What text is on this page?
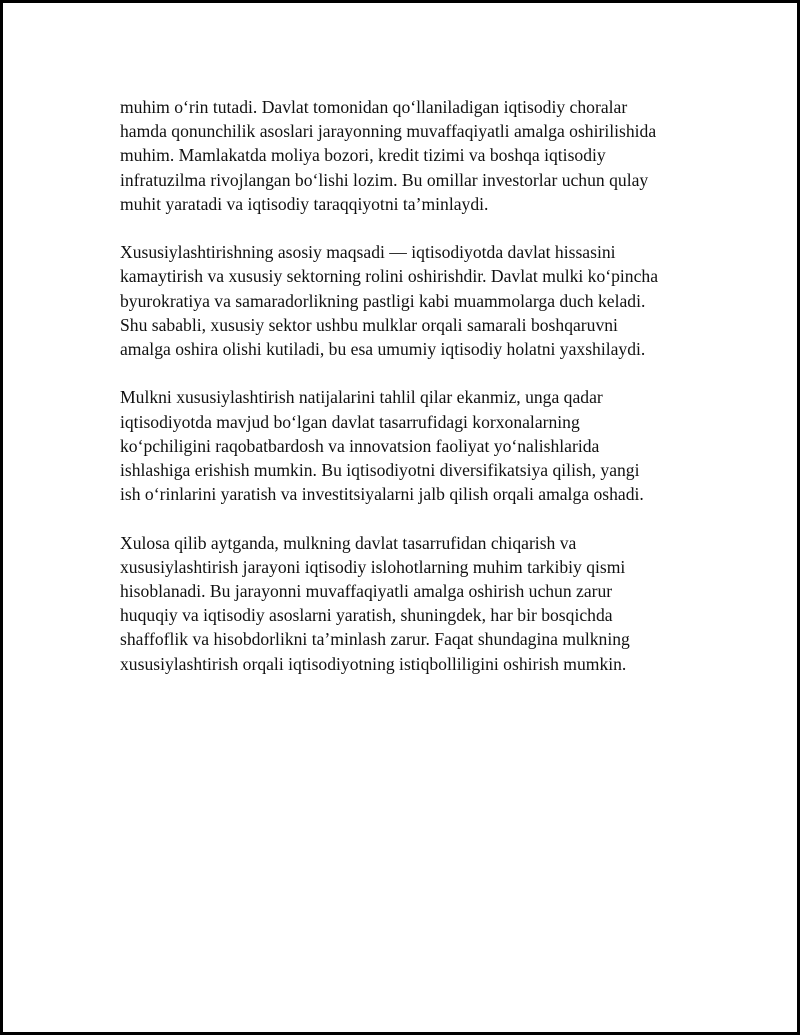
muhim o‘rin tutadi. Davlat tomonidan qo‘llaniladigan iqtisodiy choralar
hamda qonunchilik asoslari jarayonning muvaffaqiyatli amalga oshirilishida
muhim. Mamlakatda moliya bozori, kredit tizimi va boshqa iqtisodiy
infratuzilma rivojlangan bo‘lishi lozim. Bu omillar investorlar uchun qulay
muhit yaratadi va iqtisodiy taraqqiyotni ta’minlaydi.

Xususiylashtirishning asosiy maqsadi — iqtisodiyotda davlat hissasini
kamaytirish va xususiy sektorning rolini oshirishdir. Davlat mulki ko‘pincha
byurokratiya va samaradorlikning pastligi kabi muammolarga duch keladi.
Shu sababli, xususiy sektor ushbu mulklar orqali samarali boshqaruvni
amalga oshira olishi kutiladi, bu esa umumiy iqtisodiy holatni yaxshilaydi.

Mulkni xususiylashtirish natijalarini tahlil qilar ekanmiz, unga qadar
iqtisodiyotda mavjud bo‘lgan davlat tasarrufidagi korxonalarning
ko‘pchiligini raqobatbardosh va innovatsion faoliyat yo‘nalishlarida
ishlashiga erishish mumkin. Bu iqtisodiyotni diversifikatsiya qilish, yangi
ish o‘rinlarini yaratish va investitsiyalarni jalb qilish orqali amalga oshadi.

Xulosa qilib aytganda, mulkning davlat tasarrufidan chiqarish va
xususiylashtirish jarayoni iqtisodiy islohotlarning muhim tarkibiy qismi
hisoblanadi. Bu jarayonni muvaffaqiyatli amalga oshirish uchun zarur
huquqiy va iqtisodiy asoslarni yaratish, shuningdek, har bir bosqichda
shaffoflik va hisobdorlikni ta’minlash zarur. Faqat shundagina mulkning
xususiylashtirish orqali iqtisodiyotning istiqbolliligini oshirish mumkin.
